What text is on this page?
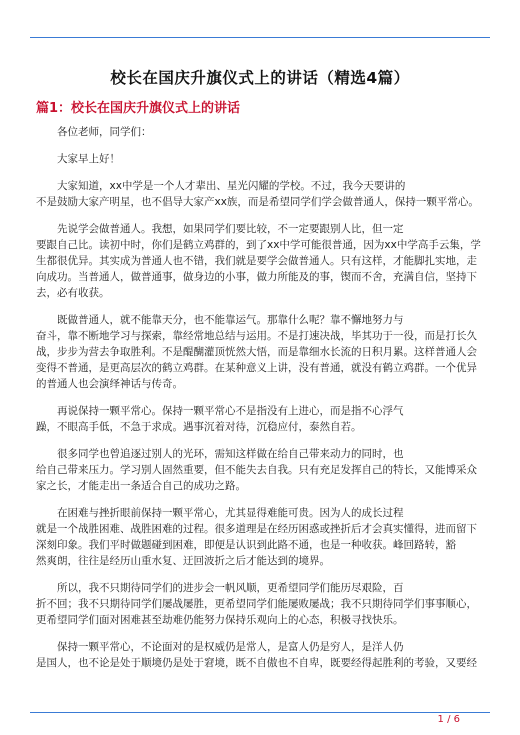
校长在国庆升旗仪式上的讲话（精选4篇）
篇1：校长在国庆升旗仪式上的讲话

各位老师，同学们：

大家早上好！

大家知道，xx中学是一个人才辈出、星光闪耀的学校。不过，我今天要讲的
不是鼓励大家产明星，也不倡导大家产xx族，而是希望同学们学会做普通人，保持一颗平常心。

先说学会做普通人。我想，如果同学们要比较，不一定要跟别人比，但一定
要跟自己比。读初中时，你们是鹤立鸡群的，到了xx中学可能很普通，因为xx中学高手云集，学
生都很优异。其实成为普通人也不错，我们就是要学会做普通人。只有这样，才能脚扎实地，走
向成功。当普通人，做普通事，做身边的小事，做力所能及的事，锲而不舍，充满自信，坚持下
去，必有收获。

既做普通人，就不能靠天分，也不能靠运气。那靠什么呢？靠不懈地努力与
奋斗，靠不断地学习与探索，靠经常地总结与运用。不是打速决战，毕其功于一役，而是打长久
战，步步为营去争取胜利。不是醍醐灌顶恍然大悟，而是靠细水长流的日积月累。这样普通人会
变得不普通，是更高层次的鹤立鸡群。在某种意义上讲，没有普通，就没有鹤立鸡群。一个优异
的普通人也会演绎神话与传奇。

再说保持一颗平常心。保持一颗平常心不是指没有上进心，而是指不心浮气
躁，不眼高手低，不急于求成。遇事沉着对待，沉稳应付，泰然自若。

很多同学也曾追逐过别人的光环，需知这样做在给自己带来动力的同时，也
给自己带来压力。学习别人固然重要，但不能失去自我。只有充足发挥自己的特长，又能博采众
家之长，才能走出一条适合自己的成功之路。

在困难与挫折眼前保持一颗平常心，尤其显得难能可贵。因为人的成长过程
就是一个战胜困难、战胜困难的过程。很多道理是在经历困惑或挫折后才会真实懂得，进而留下
深刻印象。我们平时做题碰到困难，即便是认识到此路不通，也是一种收获。峰回路转，豁
然爽朗，往往是经历山重水复、迂回波折之后才能达到的境界。

所以，我不只期待同学们的进步会一帆风顺，更希望同学们能历尽艰险，百
折不回；我不只期待同学们屡战屡胜，更希望同学们能屡败屡战；我不只期待同学们事事顺心，
更希望同学们面对困难甚至劫难仍能努力保持乐观向上的心态，积极寻找快乐。

保持一颗平常心，不论面对的是权威仍是常人，是富人仍是穷人，是洋人仍
是国人，也不论是处于顺境仍是处于窘境，既不自傲也不自卑，既要经得起胜利的考验，又要经

1 / 6
